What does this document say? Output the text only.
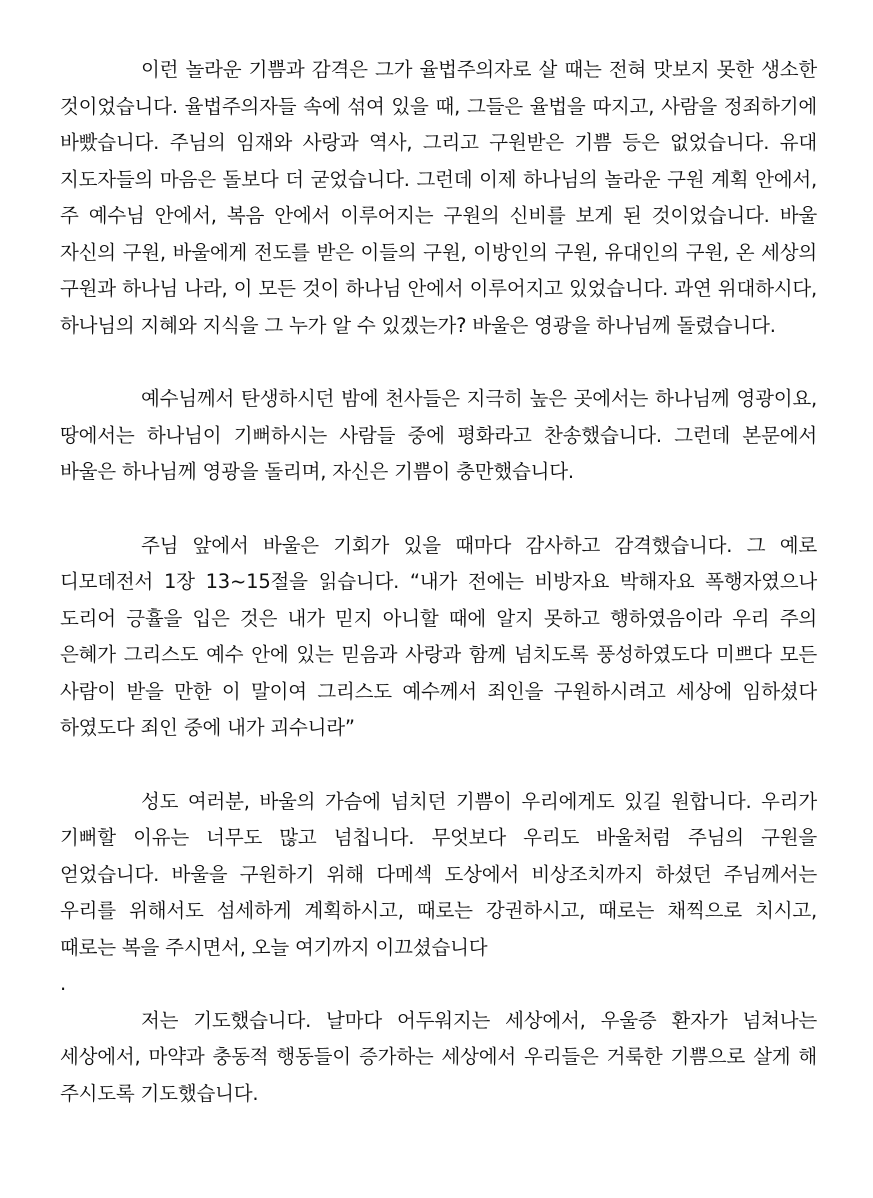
이런 놀라운 기쁨과 감격은 그가 율법주의자로 살 때는 전혀 맛보지 못한 생소한 것이었습니다. 율법주의자들 속에 섞여 있을 때, 그들은 율법을 따지고, 사람을 정죄하기에 바빴습니다. 주님의 임재와 사랑과 역사, 그리고 구원받은 기쁨 등은 없었습니다. 유대 지도자들의 마음은 돌보다 더 굳었습니다. 그런데 이제 하나님의 놀라운 구원 계획 안에서, 주 예수님 안에서, 복음 안에서 이루어지는 구원의 신비를 보게 된 것이었습니다. 바울 자신의 구원, 바울에게 전도를 받은 이들의 구원, 이방인의 구원, 유대인의 구원, 온 세상의 구원과 하나님 나라, 이 모든 것이 하나님 안에서 이루어지고 있었습니다. 과연 위대하시다, 하나님의 지혜와 지식을 그 누가 알 수 있겠는가? 바울은 영광을 하나님께 돌렸습니다.

예수님께서 탄생하시던 밤에 천사들은 지극히 높은 곳에서는 하나님께 영광이요, 땅에서는 하나님이 기뻐하시는 사람들 중에 평화라고 찬송했습니다. 그런데 본문에서 바울은 하나님께 영광을 돌리며, 자신은 기쁨이 충만했습니다.

주님 앞에서 바울은 기회가 있을 때마다 감사하고 감격했습니다. 그 예로 디모데전서 1장 13~15절을 읽습니다. “내가 전에는 비방자요 박해자요 폭행자였으나 도리어 긍휼을 입은 것은 내가 믿지 아니할 때에 알지 못하고 행하였음이라 우리 주의 은혜가 그리스도 예수 안에 있는 믿음과 사랑과 함께 넘치도록 풍성하였도다 미쁘다 모든 사람이 받을 만한 이 말이여 그리스도 예수께서 죄인을 구원하시려고 세상에 임하셨다 하였도다 죄인 중에 내가 괴수니라”

성도 여러분, 바울의 가슴에 넘치던 기쁨이 우리에게도 있길 원합니다. 우리가 기뻐할 이유는 너무도 많고 넘칩니다. 무엇보다 우리도 바울처럼 주님의 구원을 얻었습니다. 바울을 구원하기 위해 다메섹 도상에서 비상조치까지 하셨던 주님께서는 우리를 위해서도 섬세하게 계획하시고, 때로는 강권하시고, 때로는 채찍으로 치시고, 때로는 복을 주시면서, 오늘 여기까지 이끄셨습니다

.

저는 기도했습니다. 날마다 어두워지는 세상에서, 우울증 환자가 넘쳐나는 세상에서, 마약과 충동적 행동들이 증가하는 세상에서 우리들은 거룩한 기쁨으로 살게 해 주시도록 기도했습니다.
